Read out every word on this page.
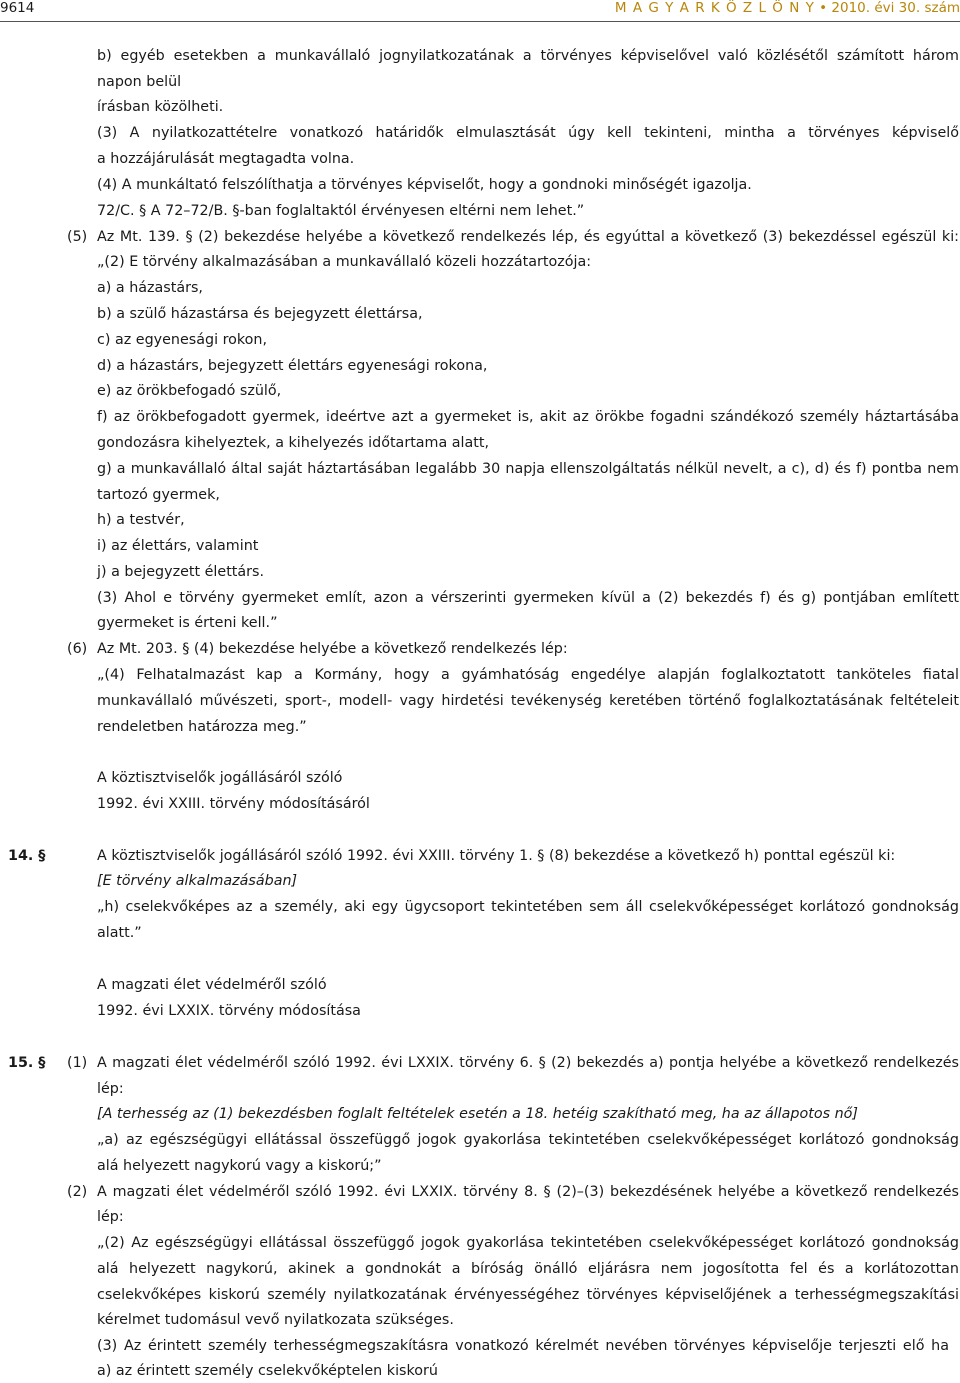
9614	M A G Y A R K Ö Z L Ö N Y • 2010. évi 30. szám
b) egyéb esetekben a munkavállaló jognyilatkozatának a törvényes képviselővel való közlésétől számított három
napon belül
írásban közölheti.
(3) A nyilatkozattételre vonatkozó határidők elmulasztását úgy kell tekinteni, mintha a törvényes képviselő
a hozzájárulását megtagadta volna.
(4) A munkáltató felszólíthatja a törvényes képviselőt, hogy a gondnoki minőségét igazolja.
72/C. § A 72–72/B. §-ban foglaltaktól érvényesen eltérni nem lehet.”
(5) Az Mt. 139. § (2) bekezdése helyébe a következő rendelkezés lép, és egyúttal a következő (3) bekezdéssel egészül ki:
„(2) E törvény alkalmazásában a munkavállaló közeli hozzátartozója:
a) a házastárs,
b) a szülő házastársa és bejegyzett élettársa,
c) az egyenesági rokon,
d) a házastárs, bejegyzett élettárs egyenesági rokona,
e) az örökbefogadó szülő,
f) az örökbefogadott gyermek, ideértve azt a gyermeket is, akit az örökbe fogadni szándékozó személy háztartásába
gondozásra kihelyeztek, a kihelyezés időtartama alatt,
g) a munkavállaló által saját háztartásában legalább 30 napja ellenszolgáltatás nélkül nevelt, a c), d) és f) pontba nem
tartozó gyermek,
h) a testvér,
i) az élettárs, valamint
j) a bejegyzett élettárs.
(3) Ahol e törvény gyermeket említ, azon a vérszerinti gyermeken kívül a (2) bekezdés f) és g) pontjában említett
gyermeket is érteni kell.”
(6) Az Mt. 203. § (4) bekezdése helyébe a következő rendelkezés lép:
„(4) Felhatalmazást kap a Kormány, hogy a gyámhatóság engedélye alapján foglalkoztatott tanköteles fiatal
munkavállaló művészeti, sport-, modell- vagy hirdetési tevékenység keretében történő foglalkoztatásának feltételeit
rendeletben határozza meg.”
A köztisztviselők jogállásáról szóló
1992. évi XXIII. törvény módosításáról
14. §	A köztisztviselők jogállásáról szóló 1992. évi XXIII. törvény 1. § (8) bekezdése a következő h) ponttal egészül ki:
[E törvény alkalmazásában]
„h) cselekvőképes az a személy, aki egy ügycsoport tekintetében sem áll cselekvőképességet korlátozó gondnokság
alatt.”
A magzati élet védelméről szóló
1992. évi LXXIX. törvény módosítása
15. § (1) A magzati élet védelméről szóló 1992. évi LXXIX. törvény 6. § (2) bekezdés a) pontja helyébe a következő rendelkezés
lép:
[A terhesség az (1) bekezdésben foglalt feltételek esetén a 18. hetéig szakítható meg, ha az állapotos nő]
„a) az egészségügyi ellátással összefüggő jogok gyakorlása tekintetében cselekvőképességet korlátozó gondnokság
alá helyezett nagykorú vagy a kiskorú;”
(2) A magzati élet védelméről szóló 1992. évi LXXIX. törvény 8. § (2)–(3) bekezdésének helyébe a következő rendelkezés
lép:
„(2) Az egészségügyi ellátással összefüggő jogok gyakorlása tekintetében cselekvőképességet korlátozó gondnokság
alá helyezett nagykorú, akinek a gondnokát a bíróság önálló eljárásra nem jogosította fel és a korlátozottan
cselekvőképes kiskorú személy nyilatkozatának érvényességéhez törvényes képviselőjének a terhességmegszakítási
kérelmet tudomásul vevő nyilatkozata szükséges.
(3) Az érintett személy terhességmegszakításra vonatkozó kérelmét nevében törvényes képviselője terjeszti elő ha
a) az érintett személy cselekvőképtelen kiskorú
